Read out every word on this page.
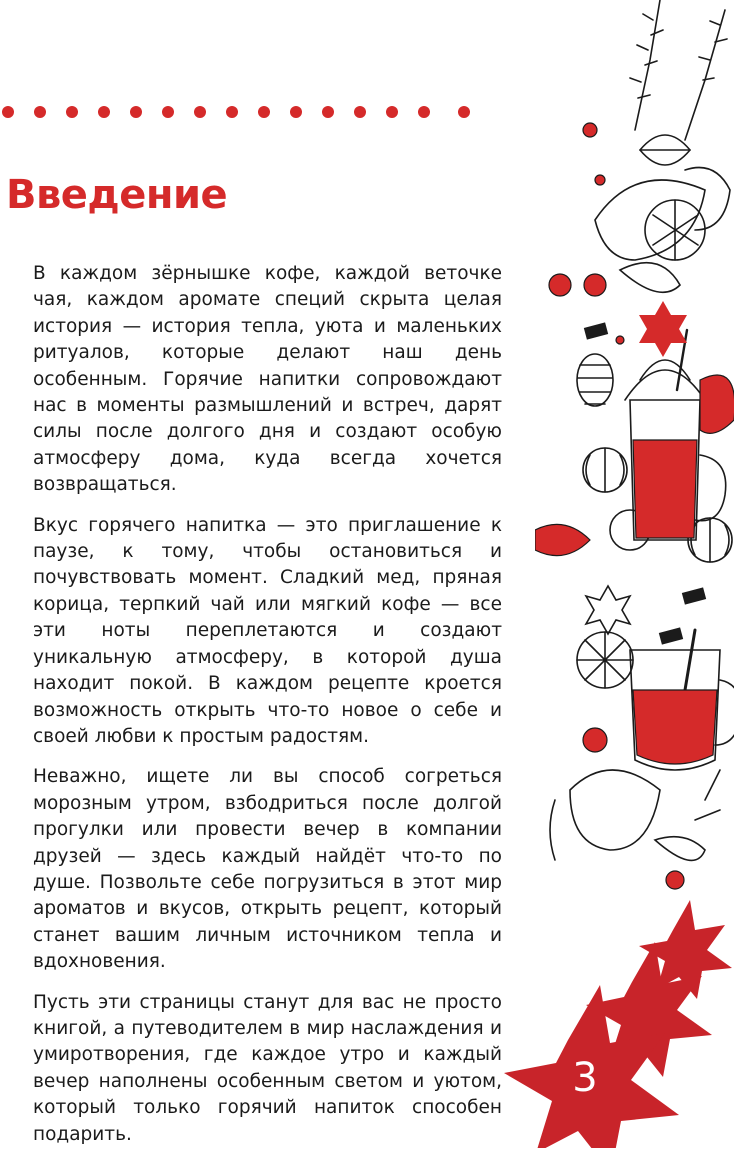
Введение

В каждом зёрнышке кофе, каждой веточке чая, каждом аромате специй скрыта целая история — история тепла, уюта и маленьких ритуалов, которые делают наш день особенным. Горячие напитки сопровождают нас в моменты размышлений и встреч, дарят силы после долгого дня и создают особую атмосферу дома, куда всегда хочется возвращаться.

Вкус горячего напитка — это приглашение к паузе, к тому, чтобы остановиться и почувствовать момент. Сладкий мед, пряная корица, терпкий чай или мягкий кофе — все эти ноты переплетаются и создают уникальную атмосферу, в которой душа находит покой. В каждом рецепте кроется возможность открыть что-то новое о себе и своей любви к простым радостям.

Неважно, ищете ли вы способ согреться морозным утром, взбодриться после долгой прогулки или провести вечер в компании друзей — здесь каждый найдёт что-то по душе. Позвольте себе погрузиться в этот мир ароматов и вкусов, открыть рецепт, который станет вашим личным источником тепла и вдохновения.

Пусть эти страницы станут для вас не просто книгой, а путеводителем в мир наслаждения и умиротворения, где каждое утро и каждый вечер наполнены особенным светом и уютом, который только горячий напиток способен подарить.

3
